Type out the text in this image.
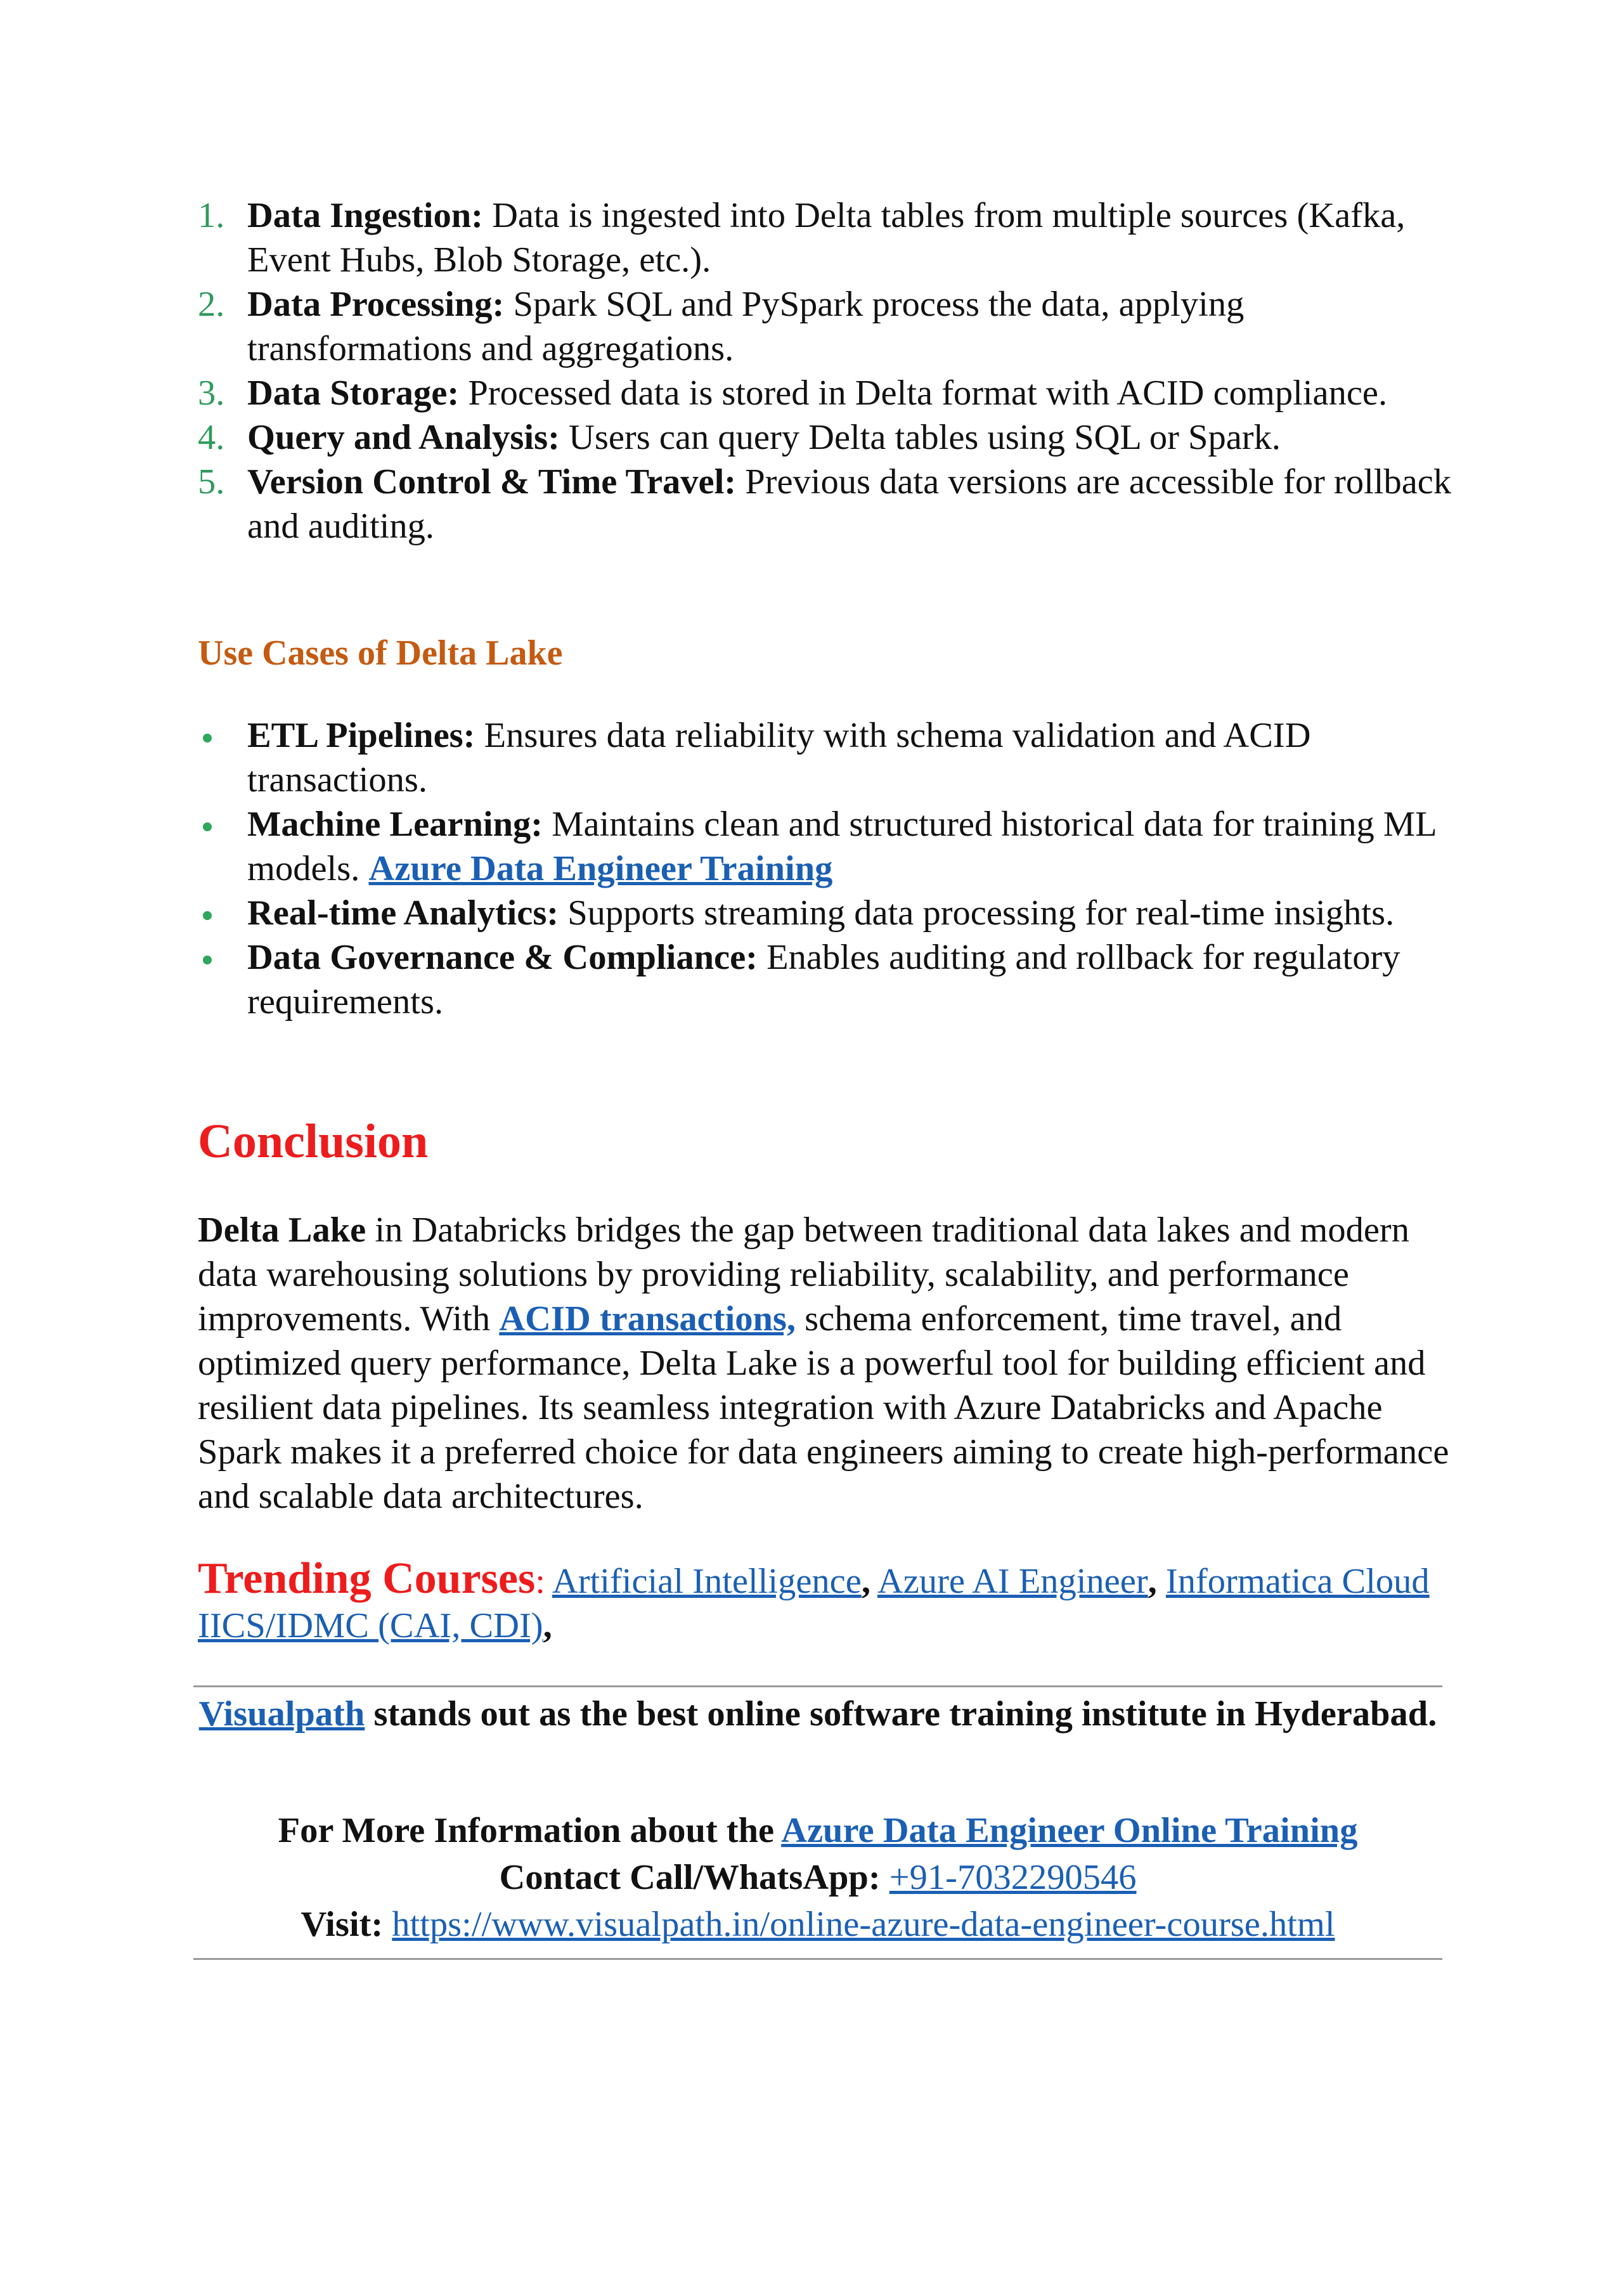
1. Data Ingestion: Data is ingested into Delta tables from multiple sources (Kafka, Event Hubs, Blob Storage, etc.).
2. Data Processing: Spark SQL and PySpark process the data, applying transformations and aggregations.
3. Data Storage: Processed data is stored in Delta format with ACID compliance.
4. Query and Analysis: Users can query Delta tables using SQL or Spark.
5. Version Control & Time Travel: Previous data versions are accessible for rollback and auditing.
Use Cases of Delta Lake
ETL Pipelines: Ensures data reliability with schema validation and ACID transactions.
Machine Learning: Maintains clean and structured historical data for training ML models. Azure Data Engineer Training
Real-time Analytics: Supports streaming data processing for real-time insights.
Data Governance & Compliance: Enables auditing and rollback for regulatory requirements.
Conclusion

Delta Lake in Databricks bridges the gap between traditional data lakes and modern data warehousing solutions by providing reliability, scalability, and performance improvements. With ACID transactions, schema enforcement, time travel, and optimized query performance, Delta Lake is a powerful tool for building efficient and resilient data pipelines. Its seamless integration with Azure Databricks and Apache Spark makes it a preferred choice for data engineers aiming to create high-performance and scalable data architectures.

Trending Courses: Artificial Intelligence, Azure AI Engineer, Informatica Cloud IICS/IDMC (CAI, CDI),

Visualpath stands out as the best online software training institute in Hyderabad.

For More Information about the Azure Data Engineer Online Training

Contact Call/WhatsApp: +91-7032290546

Visit: https://www.visualpath.in/online-azure-data-engineer-course.html
